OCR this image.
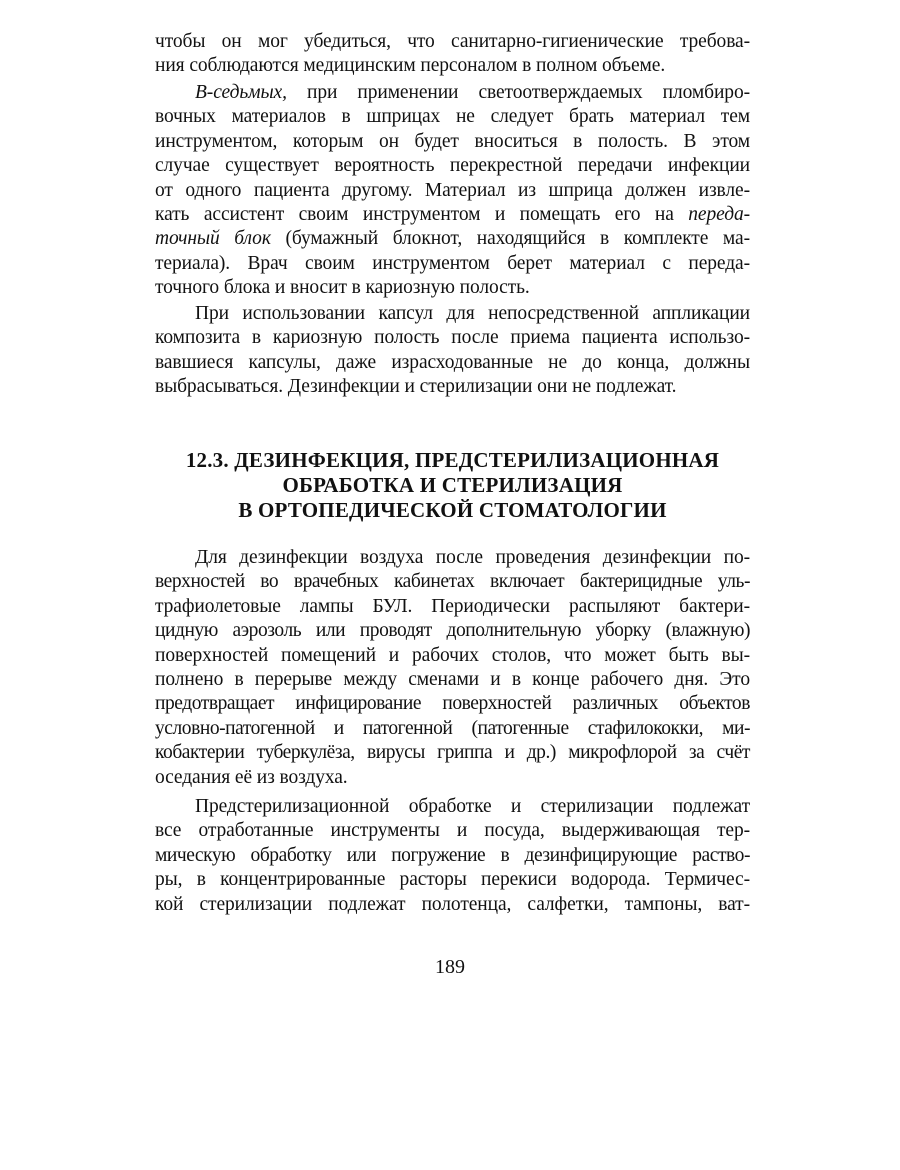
чтобы он мог убедиться, что санитарно-гигиенические требова-
ния соблюдаются медицинским персоналом в полном объеме.
В-седьмых, при применении светоотверждаемых пломбиро-
вочных материалов в шприцах не следует брать материал тем
инструментом, которым он будет вноситься в полость. В этом
случае существует вероятность перекрестной передачи инфекции
от одного пациента другому. Материал из шприца должен извле-
кать ассистент своим инструментом и помещать его на переда-
точный блок (бумажный блокнот, находящийся в комплекте ма-
териала). Врач своим инструментом берет материал с переда-
точного блока и вносит в кариозную полость.
При использовании капсул для непосредственной аппликации
композита в кариозную полость после приема пациента использо-
вавшиеся капсулы, даже израсходованные не до конца, должны
выбрасываться. Дезинфекции и стерилизации они не подлежат.
12.3. ДЕЗИНФЕКЦИЯ, ПРЕДСТЕРИЛИЗАЦИОННАЯ
ОБРАБОТКА И СТЕРИЛИЗАЦИЯ
В ОРТОПЕДИЧЕСКОЙ СТОМАТОЛОГИИ
Для дезинфекции воздуха после проведения дезинфекции по-
верхностей во врачебных кабинетах включает бактерицидные уль-
трафиолетовые лампы БУЛ. Периодически распыляют бактери-
цидную аэрозоль или проводят дополнительную уборку (влажную)
поверхностей помещений и рабочих столов, что может быть вы-
полнено в перерыве между сменами и в конце рабочего дня. Это
предотвращает инфицирование поверхностей различных объектов
условно-патогенной и патогенной (патогенные стафилококки, ми-
кобактерии туберкулёза, вирусы гриппа и др.) микрофлорой за счёт
оседания её из воздуха.
Предстерилизационной обработке и стерилизации подлежат
все отработанные инструменты и посуда, выдерживающая тер-
мическую обработку или погружение в дезинфицирующие раство-
ры, в концентрированные расторы перекиси водорода. Термичес-
кой стерилизации подлежат полотенца, салфетки, тампоны, ват-
189
